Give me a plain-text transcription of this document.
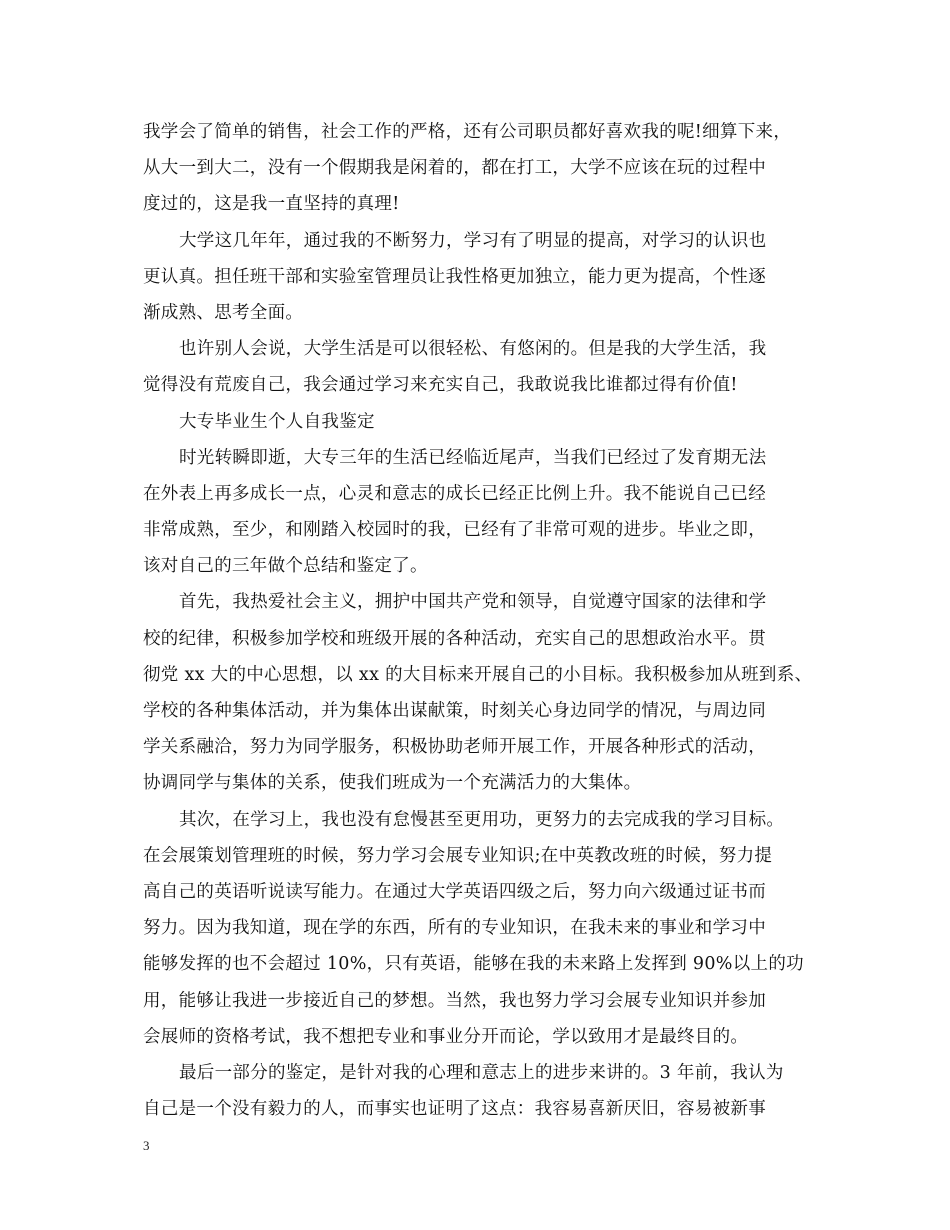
我学会了简单的销售，社会工作的严格，还有公司职员都好喜欢我的呢!细算下来，
从大一到大二，没有一个假期我是闲着的，都在打工，大学不应该在玩的过程中
度过的，这是我一直坚持的真理!
大学这几年年，通过我的不断努力，学习有了明显的提高，对学习的认识也
更认真。担任班干部和实验室管理员让我性格更加独立，能力更为提高，个性逐
渐成熟、思考全面。
也许别人会说，大学生活是可以很轻松、有悠闲的。但是我的大学生活，我
觉得没有荒废自己，我会通过学习来充实自己，我敢说我比谁都过得有价值!
大专毕业生个人自我鉴定
时光转瞬即逝，大专三年的生活已经临近尾声，当我们已经过了发育期无法
在外表上再多成长一点，心灵和意志的成长已经正比例上升。我不能说自己已经
非常成熟，至少，和刚踏入校园时的我，已经有了非常可观的进步。毕业之即，
该对自己的三年做个总结和鉴定了。
首先，我热爱社会主义，拥护中国共产党和领导，自觉遵守国家的法律和学
校的纪律，积极参加学校和班级开展的各种活动，充实自己的思想政治水平。贯
彻党 xx 大的中心思想，以 xx 的大目标来开展自己的小目标。我积极参加从班到系、
学校的各种集体活动，并为集体出谋献策，时刻关心身边同学的情况，与周边同
学关系融洽，努力为同学服务，积极协助老师开展工作，开展各种形式的活动，
协调同学与集体的关系，使我们班成为一个充满活力的大集体。
其次，在学习上，我也没有怠慢甚至更用功，更努力的去完成我的学习目标。
在会展策划管理班的时候，努力学习会展专业知识;在中英教改班的时候，努力提
高自己的英语听说读写能力。在通过大学英语四级之后，努力向六级通过证书而
努力。因为我知道，现在学的东西，所有的专业知识，在我未来的事业和学习中
能够发挥的也不会超过 10%，只有英语，能够在我的未来路上发挥到 90%以上的功
用，能够让我进一步接近自己的梦想。当然，我也努力学习会展专业知识并参加
会展师的资格考试，我不想把专业和事业分开而论，学以致用才是最终目的。
最后一部分的鉴定，是针对我的心理和意志上的进步来讲的。3 年前，我认为
自己是一个没有毅力的人，而事实也证明了这点：我容易喜新厌旧，容易被新事
3
